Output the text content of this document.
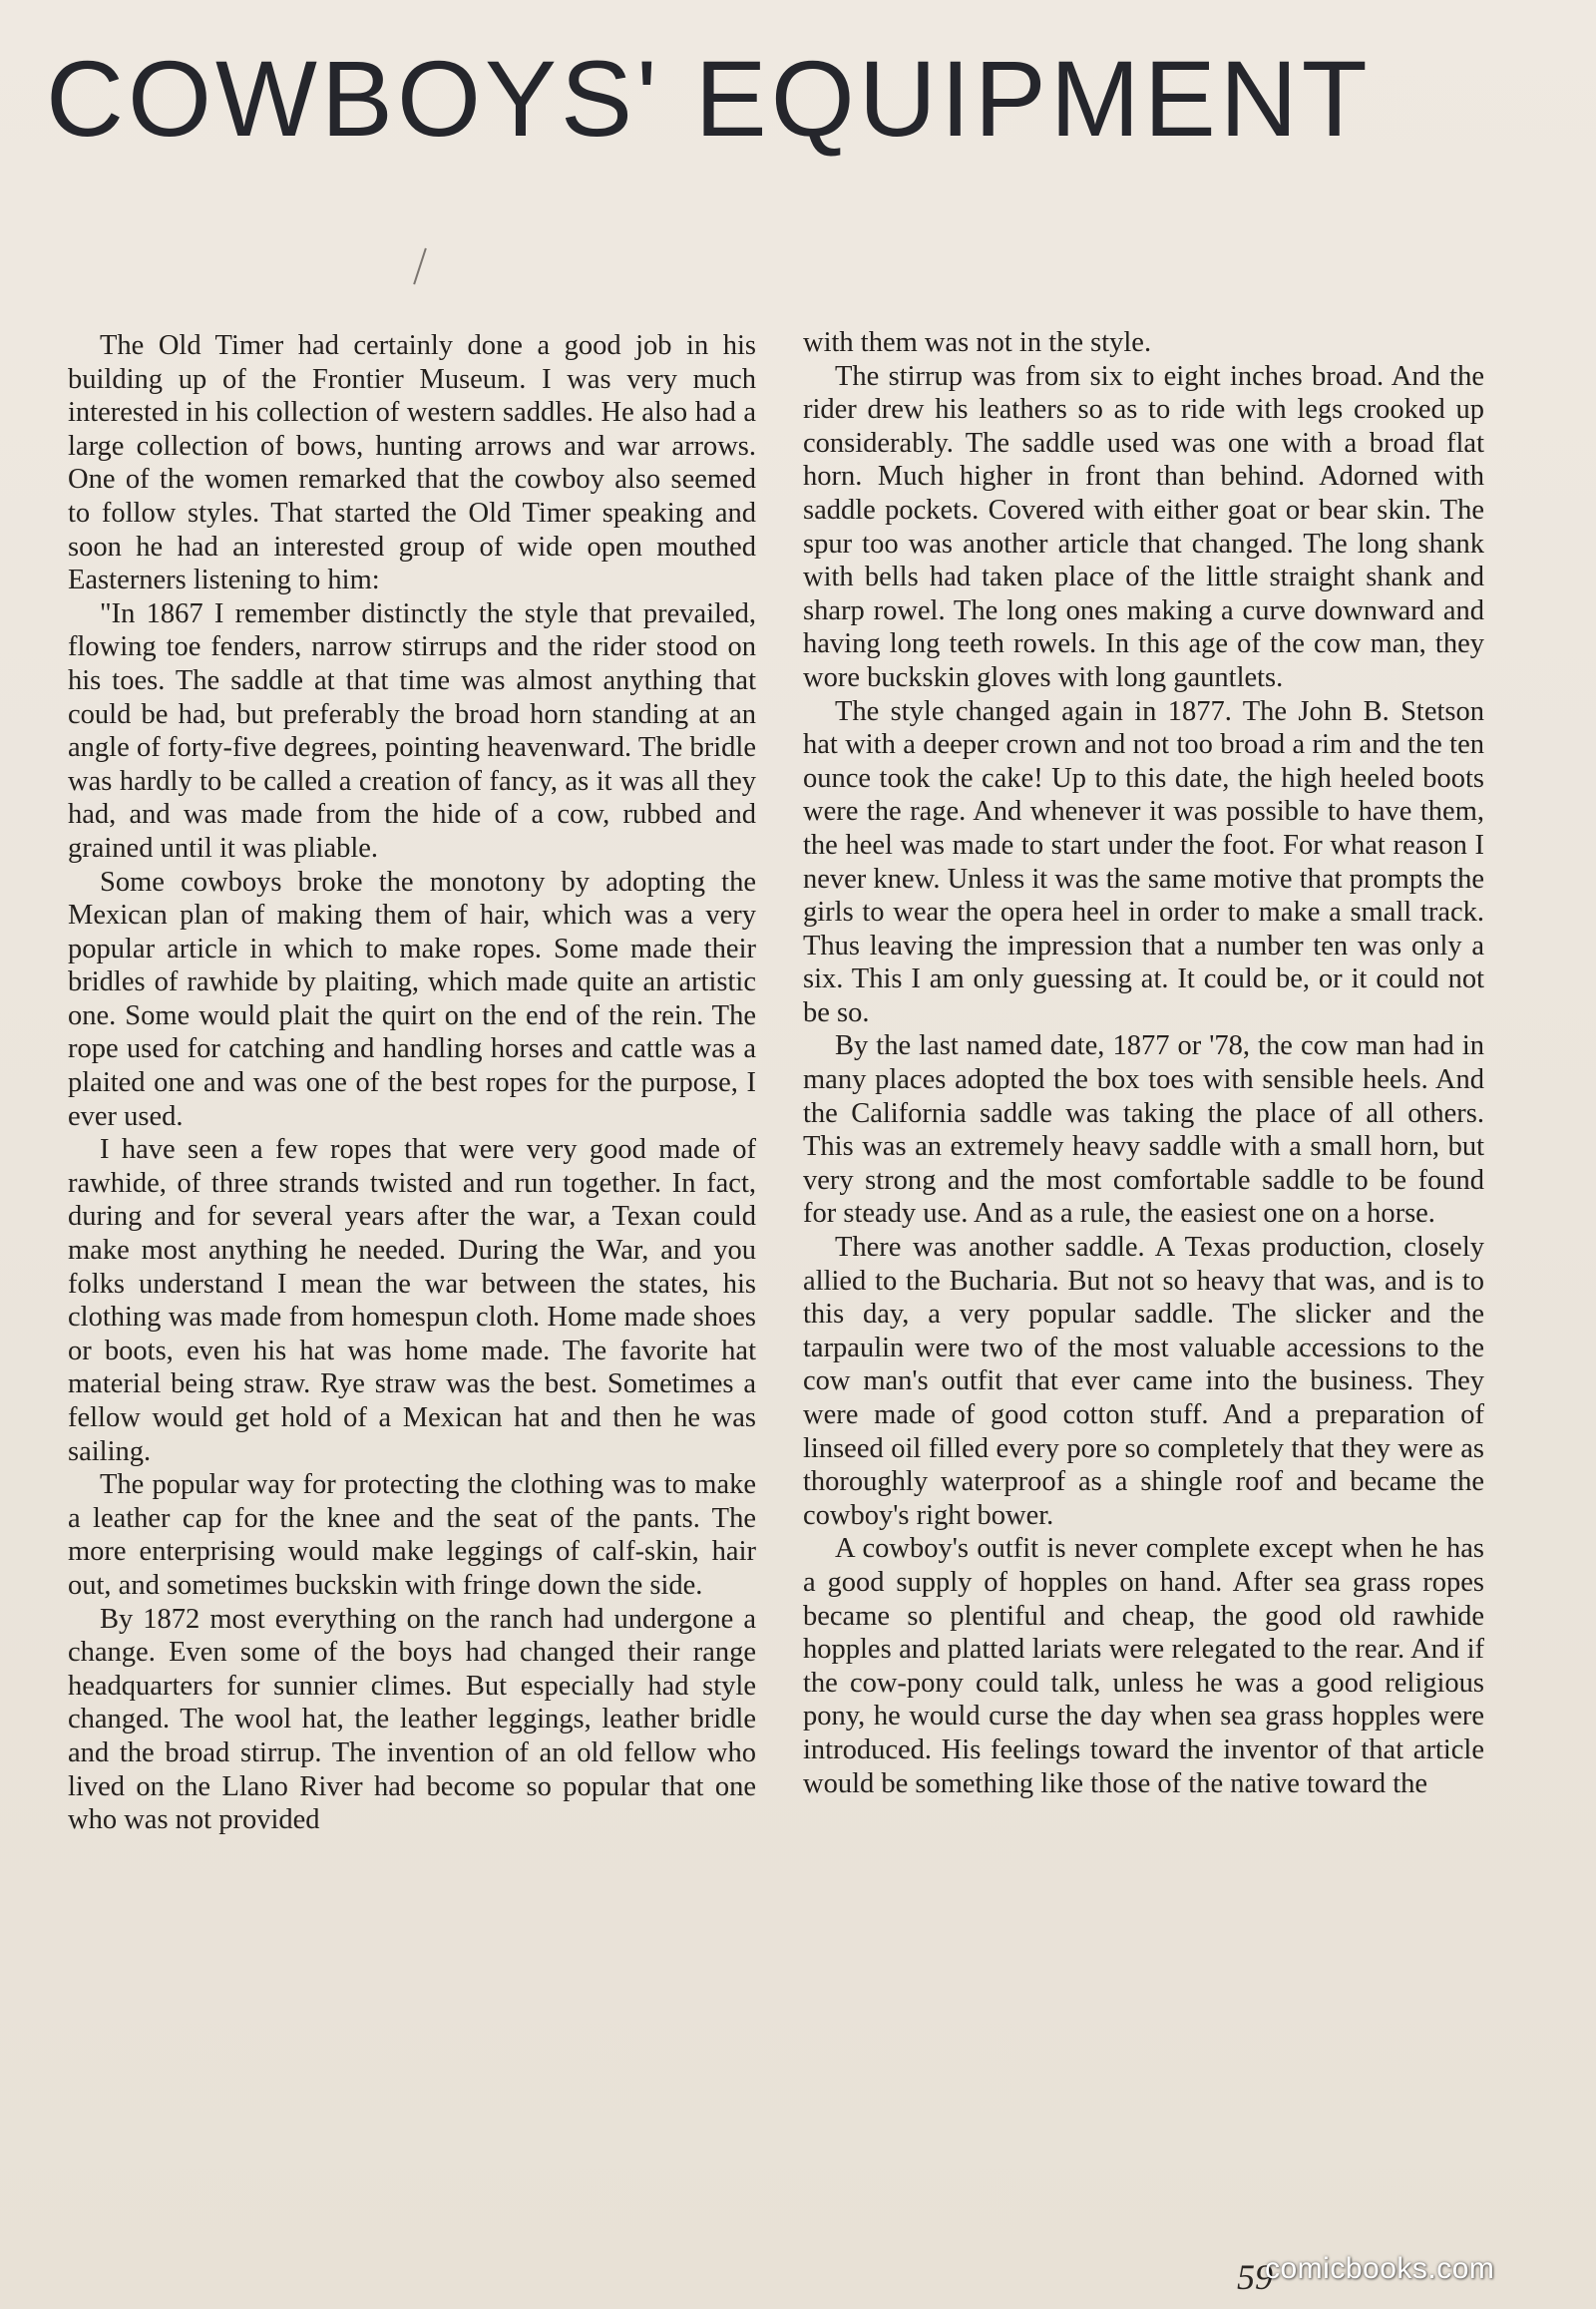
COWBOYS' EQUIPMENT

The Old Timer had certainly done a good job in his building up of the Frontier Museum. I was very much interested in his collection of western saddles. He also had a large collection of bows, hunting arrows and war arrows. One of the women remarked that the cowboy also seemed to follow styles. That started the Old Timer speaking and soon he had an interested group of wide open mouthed Easterners listening to him:

"In 1867 I remember distinctly the style that prevailed, flowing toe fenders, narrow stirrups and the rider stood on his toes. The saddle at that time was almost anything that could be had, but preferably the broad horn standing at an angle of forty-five degrees, pointing heavenward. The bridle was hardly to be called a creation of fancy, as it was all they had, and was made from the hide of a cow, rubbed and grained until it was pliable.

Some cowboys broke the monotony by adopting the Mexican plan of making them of hair, which was a very popular article in which to make ropes. Some made their bridles of rawhide by plaiting, which made quite an artistic one. Some would plait the quirt on the end of the rein. The rope used for catching and handling horses and cattle was a plaited one and was one of the best ropes for the purpose, I ever used.

I have seen a few ropes that were very good made of rawhide, of three strands twisted and run together. In fact, during and for several years after the war, a Texan could make most anything he needed. During the War, and you folks understand I mean the war between the states, his clothing was made from homespun cloth. Home made shoes or boots, even his hat was home made. The favorite hat material being straw. Rye straw was the best. Sometimes a fellow would get hold of a Mexican hat and then he was sailing.

The popular way for protecting the clothing was to make a leather cap for the knee and the seat of the pants. The more enterprising would make leggings of calf-skin, hair out, and sometimes buckskin with fringe down the side.

By 1872 most everything on the ranch had undergone a change. Even some of the boys had changed their range headquarters for sunnier climes. But especially had style changed. The wool hat, the leather leggings, leather bridle and the broad stirrup. The invention of an old fellow who lived on the Llano River had become so popular that one who was not provided

with them was not in the style.

The stirrup was from six to eight inches broad. And the rider drew his leathers so as to ride with legs crooked up considerably. The saddle used was one with a broad flat horn. Much higher in front than behind. Adorned with saddle pockets. Covered with either goat or bear skin. The spur too was another article that changed. The long shank with bells had taken place of the little straight shank and sharp rowel. The long ones making a curve downward and having long teeth rowels. In this age of the cow man, they wore buckskin gloves with long gauntlets.

The style changed again in 1877. The John B. Stetson hat with a deeper crown and not too broad a rim and the ten ounce took the cake! Up to this date, the high heeled boots were the rage. And whenever it was possible to have them, the heel was made to start under the foot. For what reason I never knew. Unless it was the same motive that prompts the girls to wear the opera heel in order to make a small track. Thus leaving the impression that a number ten was only a six. This I am only guessing at. It could be, or it could not be so.

By the last named date, 1877 or '78, the cow man had in many places adopted the box toes with sensible heels. And the California saddle was taking the place of all others. This was an extremely heavy saddle with a small horn, but very strong and the most comfortable saddle to be found for steady use. And as a rule, the easiest one on a horse.

There was another saddle. A Texas production, closely allied to the Bucharia. But not so heavy that was, and is to this day, a very popular saddle. The slicker and the tarpaulin were two of the most valuable accessions to the cow man's outfit that ever came into the business. They were made of good cotton stuff. And a preparation of linseed oil filled every pore so completely that they were as thoroughly waterproof as a shingle roof and became the cowboy's right bower.

A cowboy's outfit is never complete except when he has a good supply of hopples on hand. After sea grass ropes became so plentiful and cheap, the good old rawhide hopples and platted lariats were relegated to the rear. And if the cow-pony could talk, unless he was a good religious pony, he would curse the day when sea grass hopples were introduced. His feelings toward the inventor of that article would be something like those of the native toward the

59
comicbooks.com
